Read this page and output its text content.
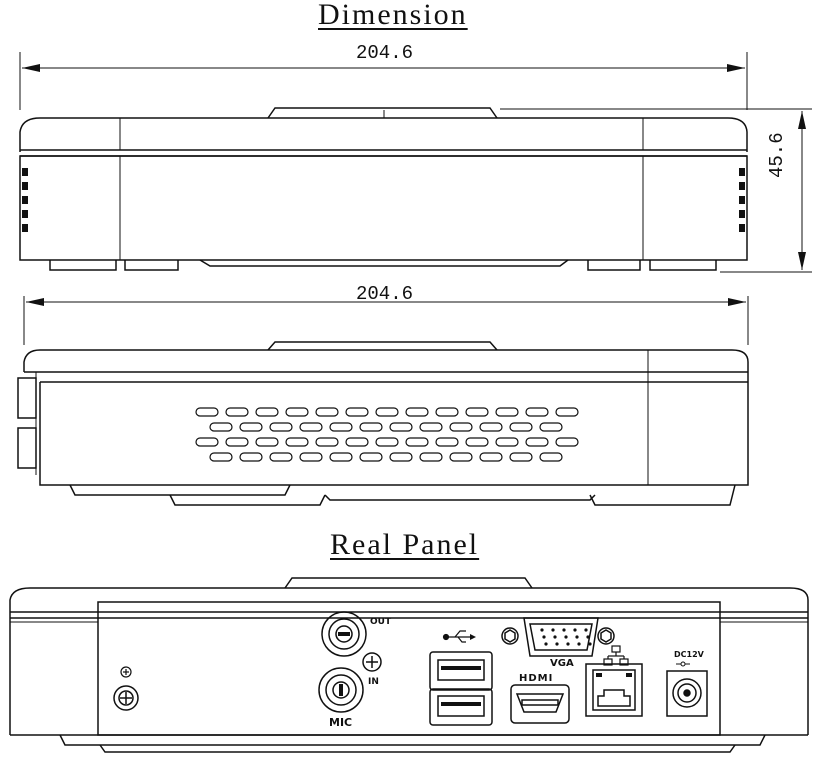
Dimension
204.6
45.6
204.6
Real Panel
OUT
IN
MIC
VGA
HDMI
DC12V
